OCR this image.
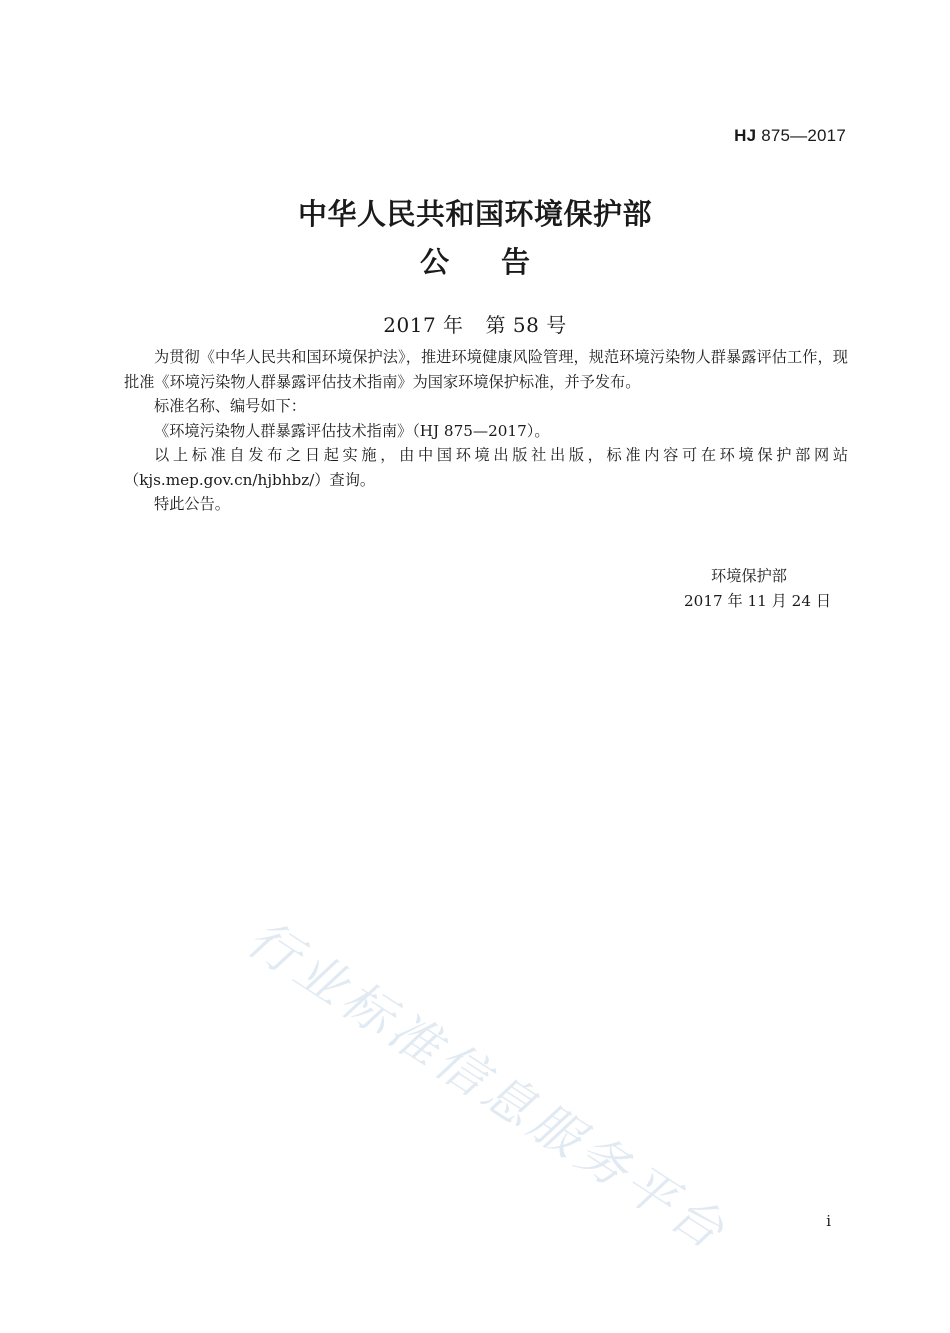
HJ 875—2017
中华人民共和国环境保护部
公 告
2017 年 第 58 号

为贯彻《中华人民共和国环境保护法》，推进环境健康风险管理，规范环境污染物人群暴露评估工作，现批准《环境污染物人群暴露评估技术指南》为国家环境保护标准，并予发布。

标准名称、编号如下：

《环境污染物人群暴露评估技术指南》（HJ 875—2017）。

以上标准自发布之日起实施，由中国环境出版社出版，标准内容可在环境保护部网站（kjs.mep.gov.cn/hjbhbz/）查询。

特此公告。

环境保护部
2017 年 11 月 24 日
行业标准信息服务平台	i
